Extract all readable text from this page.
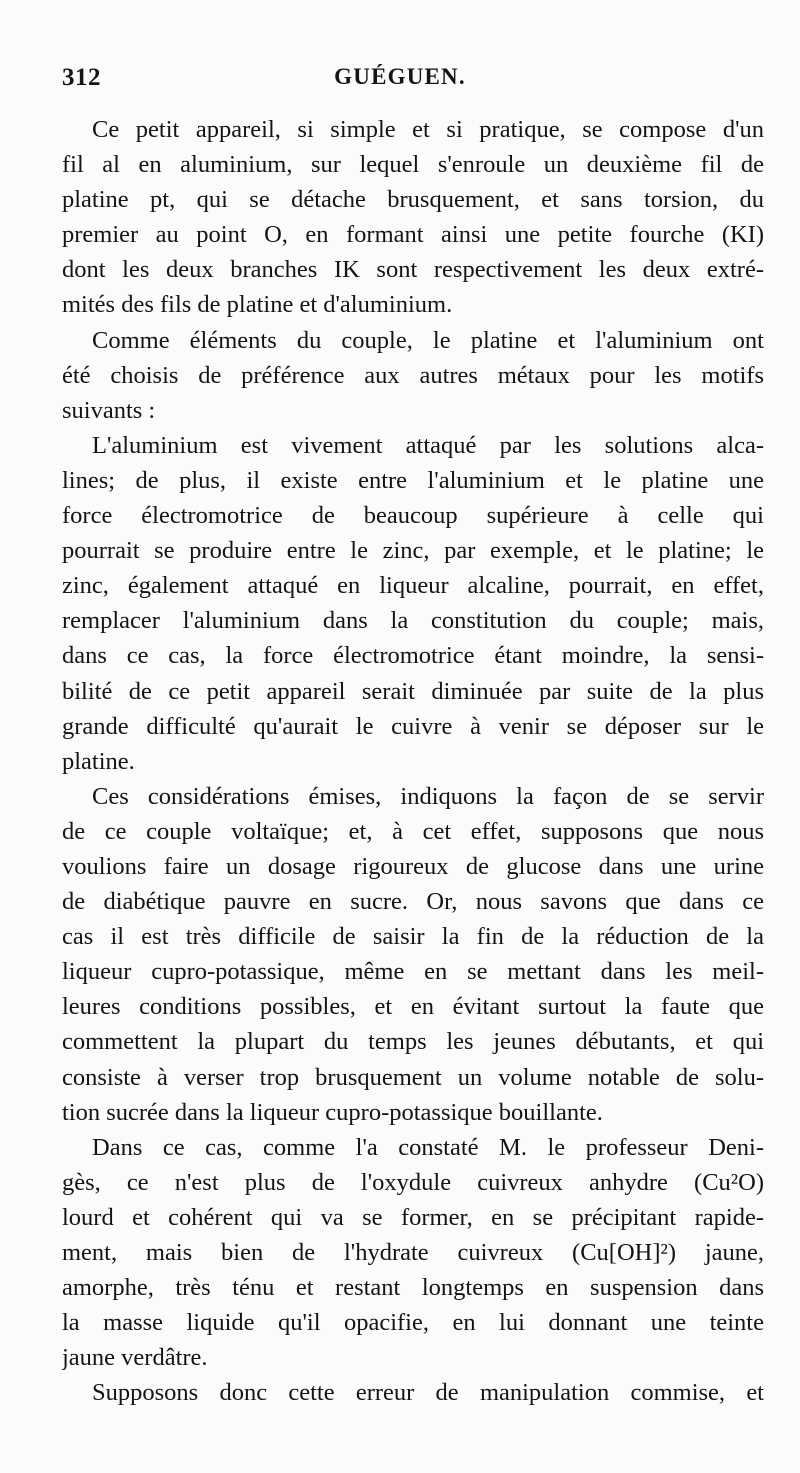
312	GUÉGUEN.

Ce petit appareil, si simple et si pratique, se compose d'un
fil al en aluminium, sur lequel s'enroule un deuxième fil de
platine pt, qui se détache brusquement, et sans torsion, du
premier au point O, en formant ainsi une petite fourche (KI)
dont les deux branches IK sont respectivement les deux extré-
mités des fils de platine et d'aluminium.

Comme éléments du couple, le platine et l'aluminium ont
été choisis de préférence aux autres métaux pour les motifs
suivants :

L'aluminium est vivement attaqué par les solutions alca-
lines; de plus, il existe entre l'aluminium et le platine une
force électromotrice de beaucoup supérieure à celle qui
pourrait se produire entre le zinc, par exemple, et le platine; le
zinc, également attaqué en liqueur alcaline, pourrait, en effet,
remplacer l'aluminium dans la constitution du couple; mais,
dans ce cas, la force électromotrice étant moindre, la sensi-
bilité de ce petit appareil serait diminuée par suite de la plus
grande difficulté qu'aurait le cuivre à venir se déposer sur le
platine.

Ces considérations émises, indiquons la façon de se servir
de ce couple voltaïque; et, à cet effet, supposons que nous
voulions faire un dosage rigoureux de glucose dans une urine
de diabétique pauvre en sucre. Or, nous savons que dans ce
cas il est très difficile de saisir la fin de la réduction de la
liqueur cupro-potassique, même en se mettant dans les meil-
leures conditions possibles, et en évitant surtout la faute que
commettent la plupart du temps les jeunes débutants, et qui
consiste à verser trop brusquement un volume notable de solu-
tion sucrée dans la liqueur cupro-potassique bouillante.

Dans ce cas, comme l'a constaté M. le professeur Deni-
gès, ce n'est plus de l'oxydule cuivreux anhydre (Cu²O)
lourd et cohérent qui va se former, en se précipitant rapide-
ment, mais bien de l'hydrate cuivreux (Cu[OH]²) jaune,
amorphe, très ténu et restant longtemps en suspension dans
la masse liquide qu'il opacifie, en lui donnant une teinte
jaune verdâtre.

Supposons donc cette erreur de manipulation commise, et
